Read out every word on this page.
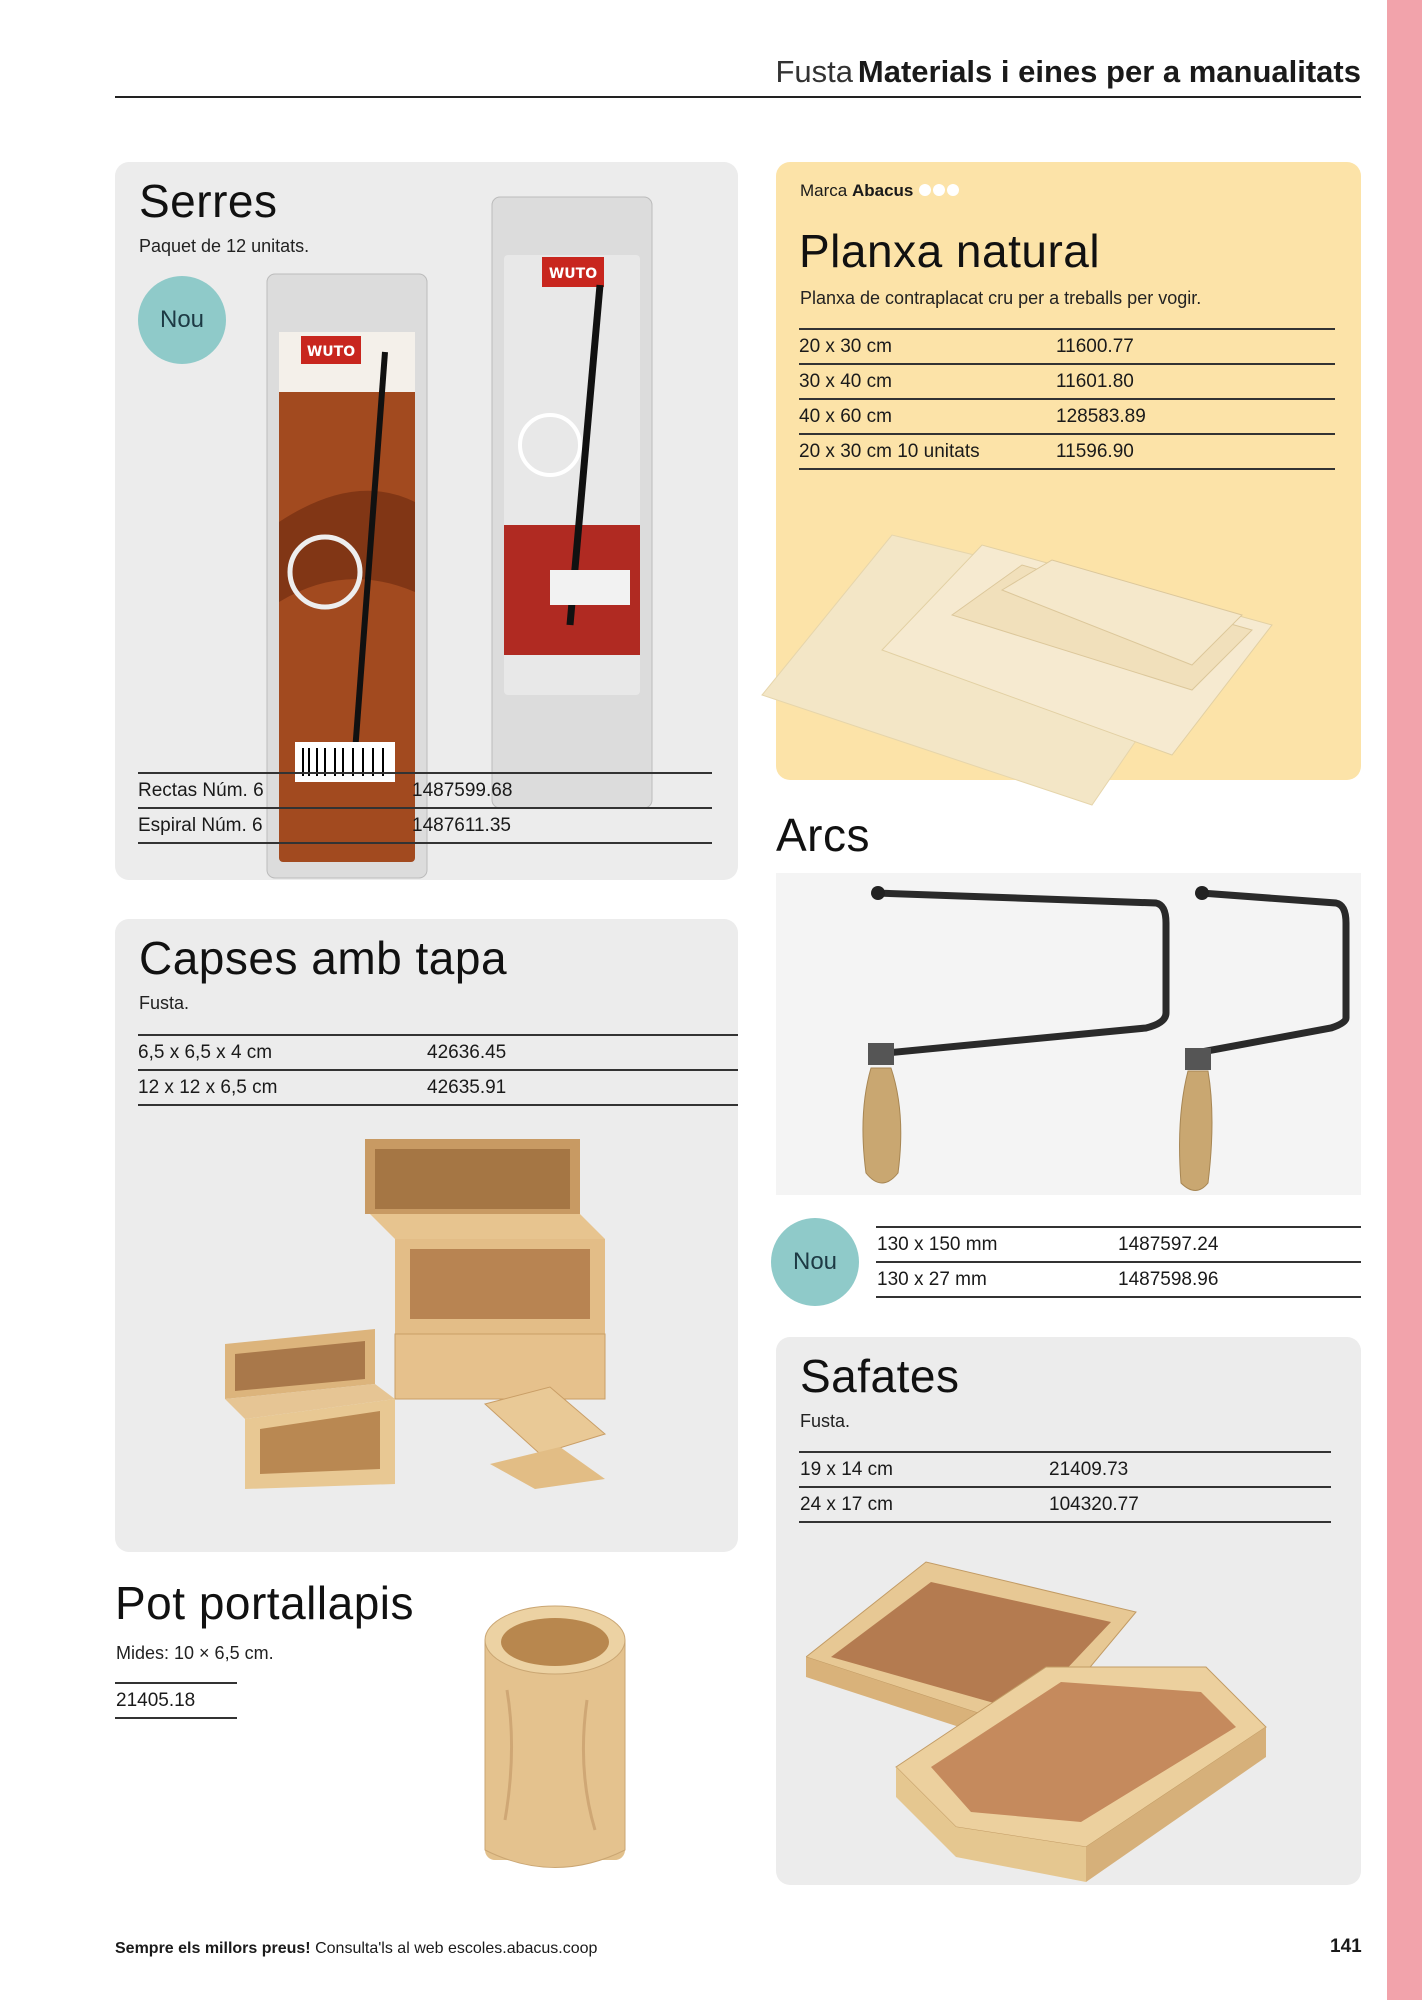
Fusta Materials i eines per a manualitats
Serres
Paquet de 12 unitats.
Nou
WUTO
WUTO
Rectas Núm. 6	1487599.68
Espiral Núm. 6	1487611.35
Marca Abacus
Planxa natural
Planxa de contraplacat cru per a treballs per vogir.
20 x 30 cm	11600.77
30 x 40 cm	11601.80
40 x 60 cm	128583.89
20 x 30 cm 10 unitats	11596.90
Capses amb tapa
Fusta.
6,5 x 6,5 x 4 cm	42636.45
12 x 12 x 6,5 cm	42635.91
Arcs
Nou
130 x 150 mm	1487597.24
130 x 27 mm	1487598.96
Pot portallapis
Mides: 10 × 6,5 cm.
21405.18
Safates
Fusta.
19 x 14 cm	21409.73
24 x 17 cm	104320.77
Sempre els millors preus! Consulta'ls al web escoles.abacus.coop	141
